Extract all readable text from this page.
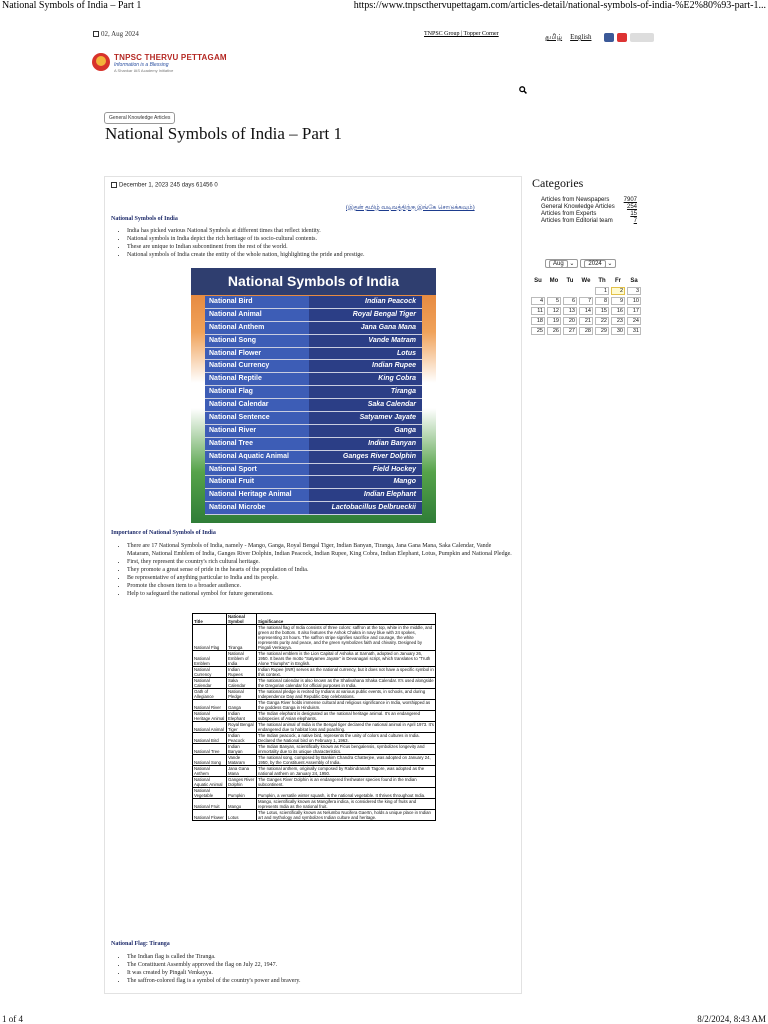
National Symbols of India – Part 1	https://www.tnpscthervupettagam.com/articles-detail/national-symbols-of-india-%E2%80%93-part-1...
02, Aug 2024	TNPSC Group | Topper Corner	தமிழ் English
TNPSC THERVU PETTAGAM
Information is a Blessing
A Shankar IAS Academy Initiative
General Knowledge Articles
National Symbols of India – Part 1
December 1, 2023 245 days 61456 0
(இதன் தமிழ் வடிவத்திற்கு இங்கே சொடுக்கவும்)
National Symbols of India
• India has picked various National Symbols at different times that reflect identity.
• National symbols in India depict the rich heritage of its socio-cultural contents.
• These are unique to Indian subcontinent from the rest of the world.
• National symbols of India create the entity of the whole nation, highlighting the pride and prestige.
National Symbols of India
National Bird	Indian Peacock
National Animal	Royal Bengal Tiger
National Anthem	Jana Gana Mana
National Song	Vande Matram
National Flower	Lotus
National Currency	Indian Rupee
National Reptile	King Cobra
National Flag	Tiranga
National Calendar	Saka Calendar
National Sentence	Satyamev Jayate
National River	Ganga
National Tree	Indian Banyan
National Aquatic Animal	Ganges River Dolphin
National Sport	Field Hockey
National Fruit	Mango
National Heritage Animal	Indian Elephant
National Microbe	Lactobacillus Delbrueckii
Importance of National Symbols of India
• There are 17 National Symbols of India, namely - Mango, Ganga, Royal Bengal Tiger, Indian Banyan, Tiranga, Jana Gana Mana, Saka Calendar, Vande Mataram, National Emblem of India, Ganges River Dolphin, Indian Peacock, Indian Rupee, King Cobra, Indian Elephant, Lotus, Pumpkin and National Pledge.
• First, they represent the country's rich cultural heritage.
• They promote a great sense of pride in the hearts of the population of India.
• Be representative of anything particular to India and its people.
• Promote the chosen item to a broader audience.
• Help to safeguard the national symbol for future generations.
Title	National Symbol	Significance
National Flag	Tiranga	The national flag of India consists of three colors: saffron at the top, white in the middle, and green at the bottom. It also features the Ashok Chakra in navy blue with 24 spokes, representing 24 hours. The saffron stripe signifies sacrifice and courage, the white represents purity and peace, and the green symbolizes faith and chivalry. Designed by Pingali Venkayya.
National Emblem	National Emblem of India	The national emblem is the Lion Capital of Ashoka at Sarnath, adopted on January 26, 1950. It bears the motto "Satyamev Jayate" in Devanagari script, which translates to "Truth Alone Triumphs" in English.
National Currency	Indian Rupees	Indian Rupee (INR) serves as the national currency, but it does not have a specific symbol in this context.
National Calendar	Saka Calendar	The national calendar is also known as the Shalivahana Shaka Calendar. It's used alongside the Gregorian calendar for official purposes in India.
Oath of Allegiance	National Pledge	The national pledge is recited by Indians at various public events, in schools, and during Independence Day and Republic Day celebrations.
National River	Ganga	The Ganga River holds immense cultural and religious significance in India, worshipped as the goddess Ganga in Hinduism.
National Heritage Animal	Indian Elephant	The Indian elephant is designated as the national heritage animal. It's an endangered subspecies of Asian elephants.
National Animal	Royal Bengal Tiger	The national animal of India is the Bengal tiger declared the national animal in April 1973. It's endangered due to habitat loss and poaching.
National Bird	Indian Peacock	The Indian peacock, a native bird, represents the unity of colors and cultures in India. Declared the National bird on February 1, 1963.
National Tree	Indian Banyan	The Indian Banyan, scientifically known as Ficus bengalensis, symbolizes longevity and immortality due to its unique characteristics.
National Song	Vande Mataram	The national song, composed by Bankim Chandra Chatterjee, was adopted on January 24, 1950, by the Constituent Assembly of India.
National Anthem	Jana Gana Mana	The national anthem, originally composed by Rabindranath Tagore, was adopted as the national anthem on January 24, 1950.
National Aquatic Animal	Ganges River Dolphin	The Ganges River Dolphin is an endangered freshwater species found in the Indian subcontinent.
National Vegetable	Pumpkin	Pumpkin, a versatile winter squash, is the national vegetable. It thrives throughout India.
National Fruit	Mango	Mango, scientifically known as Mangifera indica, is considered the king of fruits and represents India as the national fruit.
National Flower	Lotus	The Lotus, scientifically known as Nelumbo Nucifera Gaertn, holds a unique place in Indian art and mythology and symbolizes Indian culture and heritage.
National Flag: Tiranga
• The Indian flag is called the Tiranga.
• The Constituent Assembly approved the flag on July 22, 1947.
• It was created by Pingali Venkayya.
• The saffron-colored flag is a symbol of the country's power and bravery.
Categories
Articles from Newspapers 7907
General Knowledge Articles 254
Articles from Experts	15
Articles from Editorial team	7
Aug ⌄	2024 ⌄
Su	Mo	Tu	We	Th	Fr	Sa
				1	2	3
4	5	6	7	8	9	10
11	12	13	14	15	16	17
18	19	20	21	22	23	24
25	26	27	28	29	30	31
1 of 4	8/2/2024, 8:43 AM
